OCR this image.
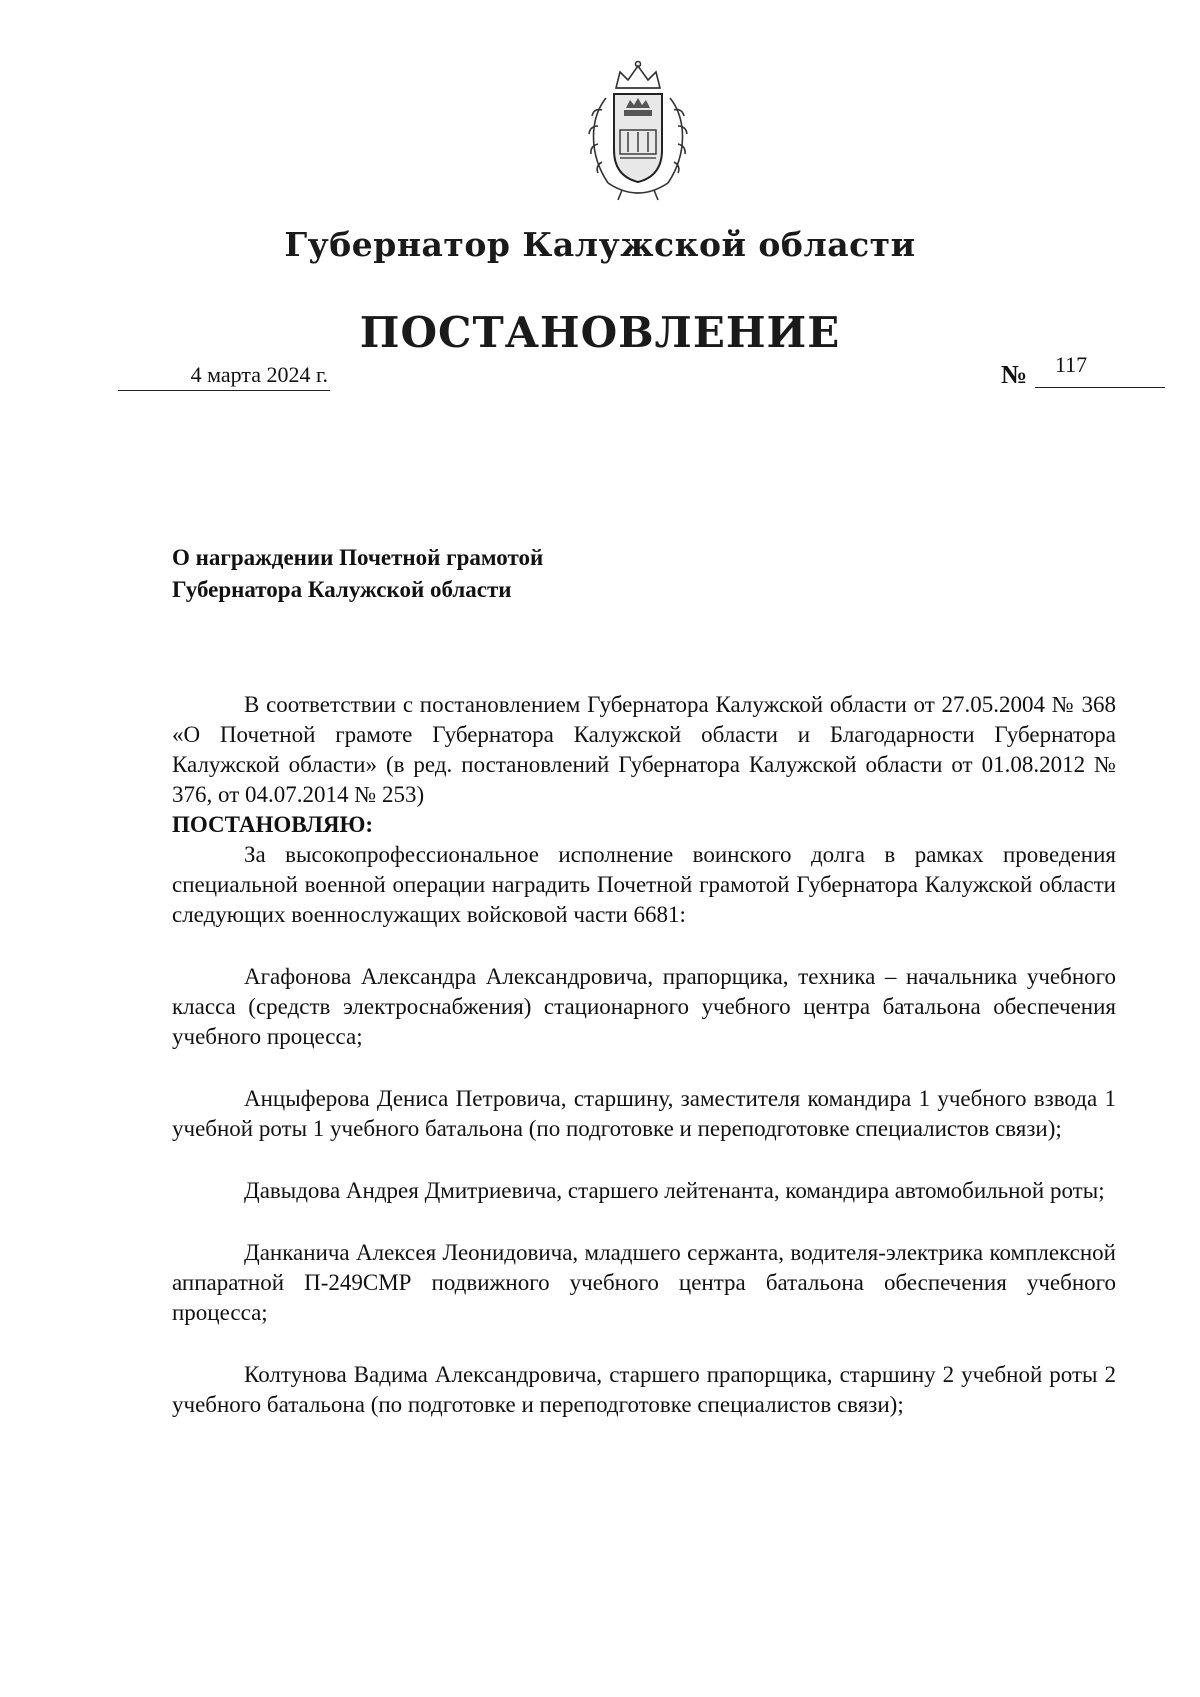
Губернатор Калужской области
ПОСТАНОВЛЕНИЕ
4 марта 2024 г.	№	117
О награждении Почетной грамотой
Губернатора Калужской области

В соответствии с постановлением Губернатора Калужской области от 27.05.2004 № 368 «О Почетной грамоте Губернатора Калужской области и Благодарности Губернатора Калужской области» (в ред. постановлений Губернатора Калужской области от 01.08.2012 № 376, от 04.07.2014 № 253)

ПОСТАНОВЛЯЮ:

За высокопрофессиональное исполнение воинского долга в рамках проведения специальной военной операции наградить Почетной грамотой Губернатора Калужской области следующих военнослужащих войсковой части 6681:

Агафонова Александра Александровича, прапорщика, техника – начальника учебного класса (средств электроснабжения) стационарного учебного центра батальона обеспечения учебного процесса;

Анцыферова Дениса Петровича, старшину, заместителя командира 1 учебного взвода 1 учебной роты 1 учебного батальона (по подготовке и переподготовке специалистов связи);

Давыдова Андрея Дмитриевича, старшего лейтенанта, командира автомобильной роты;

Данканича Алексея Леонидовича, младшего сержанта, водителя-электрика комплексной аппаратной П-249СМР подвижного учебного центра батальона обеспечения учебного процесса;

Колтунова Вадима Александровича, старшего прапорщика, старшину 2 учебной роты 2 учебного батальона (по подготовке и переподготовке специалистов связи);
